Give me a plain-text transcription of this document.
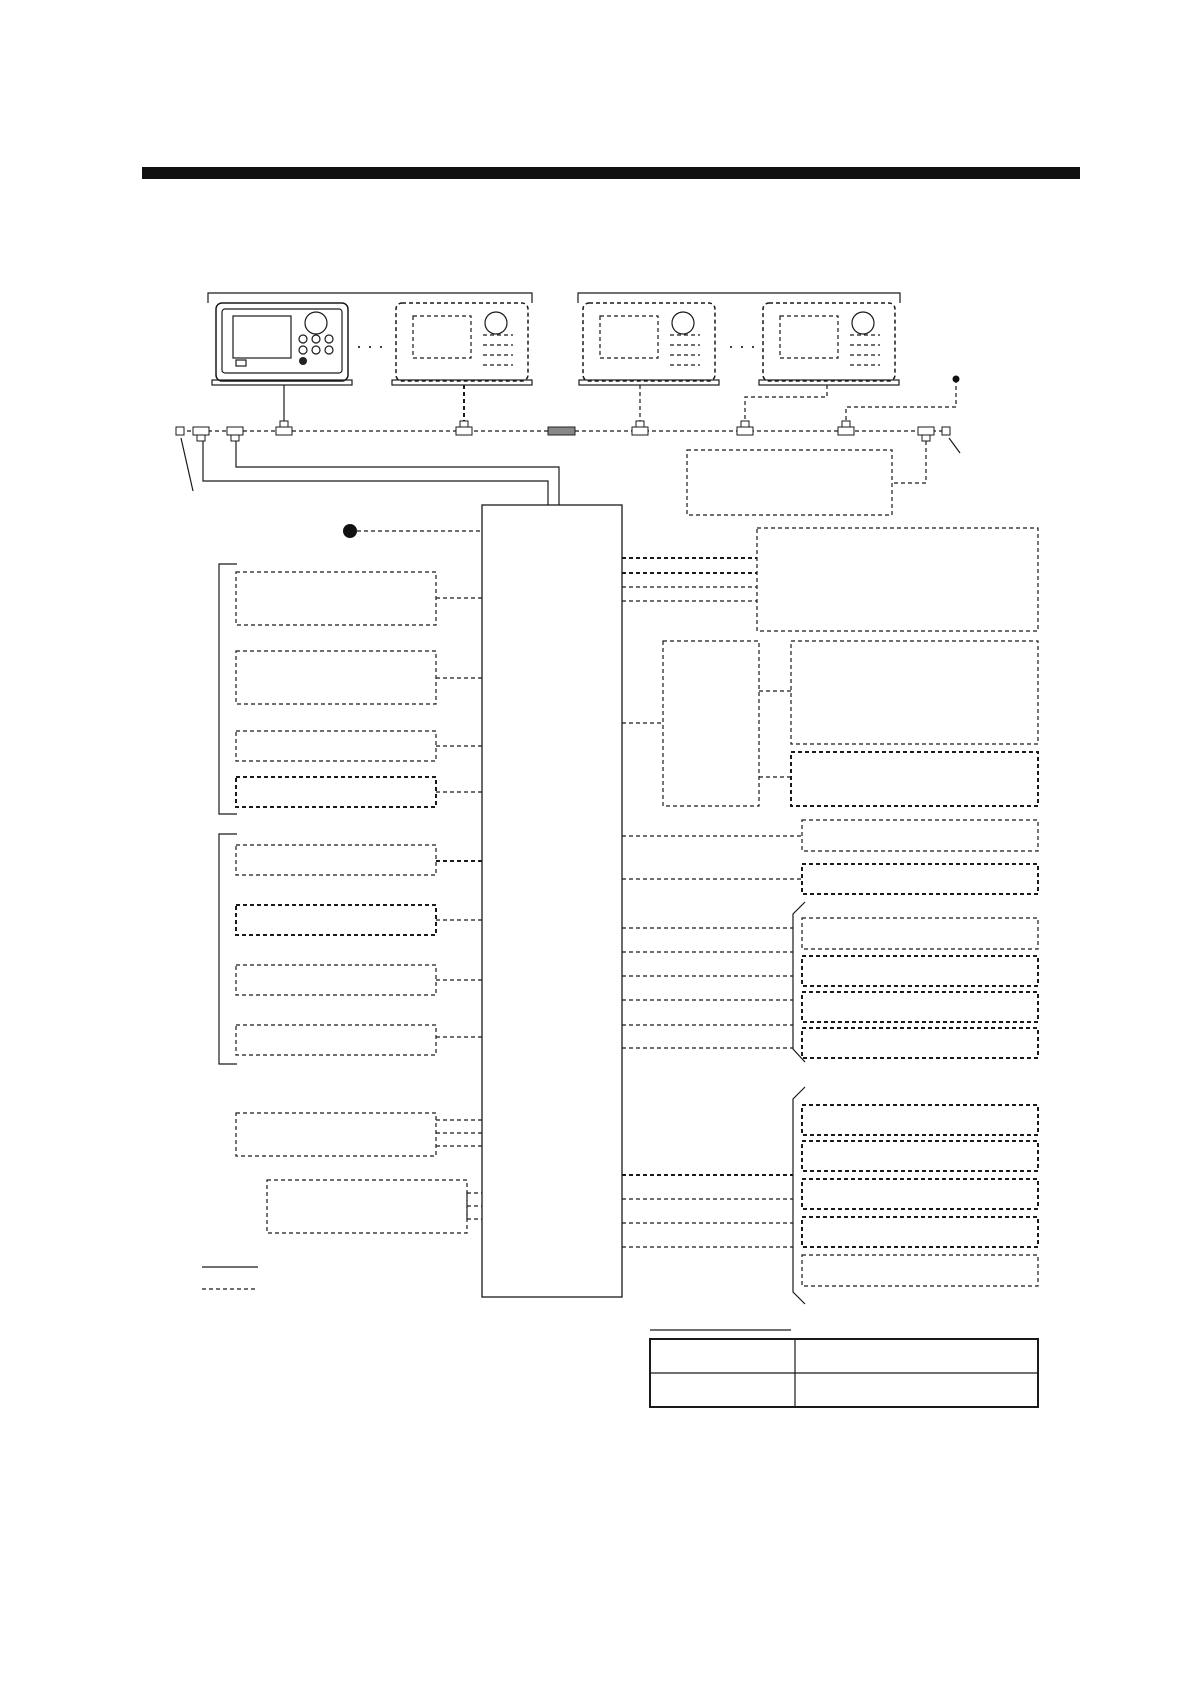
· · ·	· · ·
